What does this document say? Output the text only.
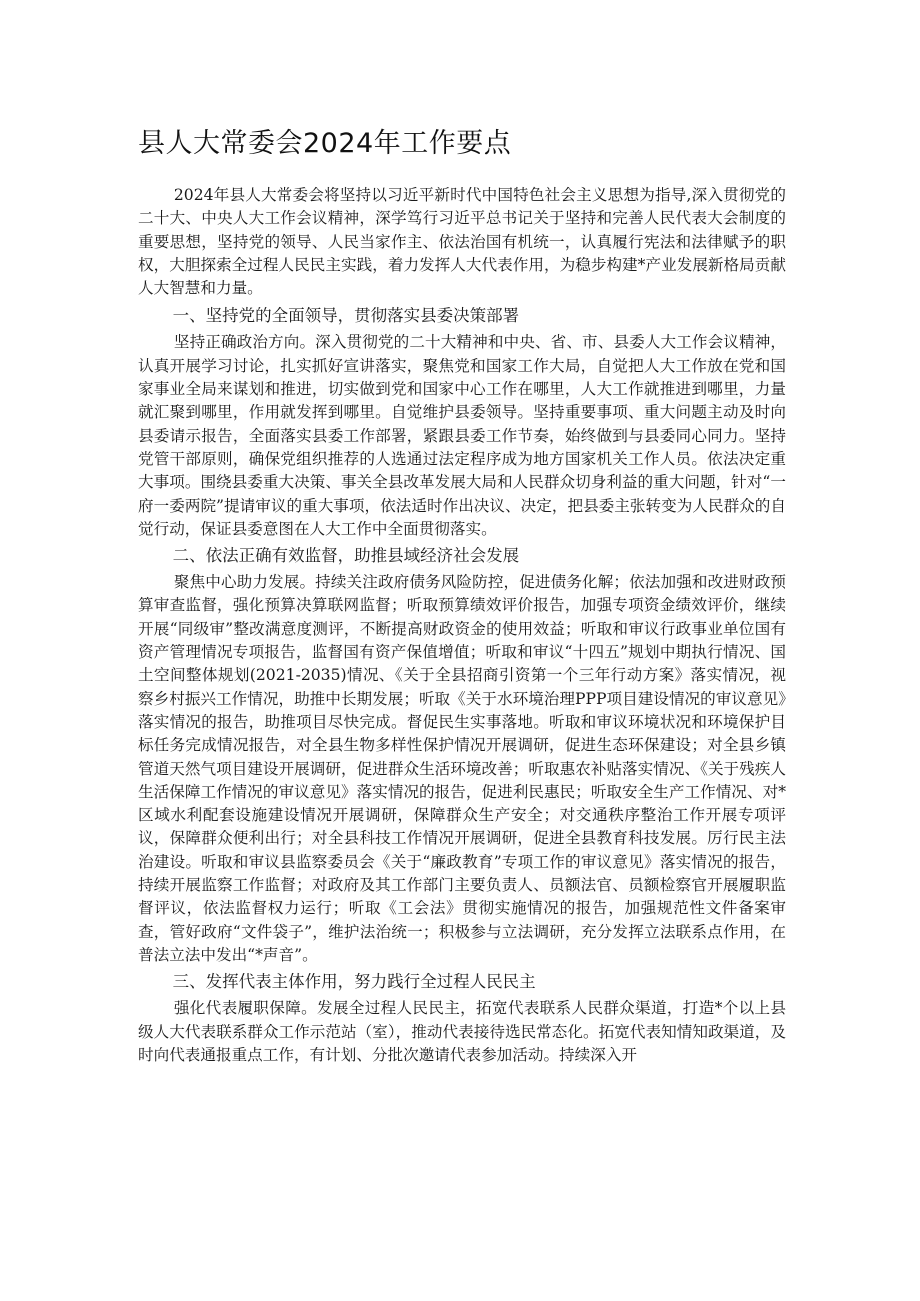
县人大常委会2024年工作要点

2024年县人大常委会将坚持以习近平新时代中国特色社会主义思想为指导,深入贯彻党的二十大、中央人大工作会议精神，深学笃行习近平总书记关于坚持和完善人民代表大会制度的重要思想，坚持党的领导、人民当家作主、依法治国有机统一，认真履行宪法和法律赋予的职权，大胆探索全过程人民民主实践，着力发挥人大代表作用，为稳步构建*产业发展新格局贡献人大智慧和力量。

一、坚持党的全面领导，贯彻落实县委决策部署

坚持正确政治方向。深入贯彻党的二十大精神和中央、省、市、县委人大工作会议精神，认真开展学习讨论，扎实抓好宣讲落实，聚焦党和国家工作大局，自觉把人大工作放在党和国家事业全局来谋划和推进，切实做到党和国家中心工作在哪里，人大工作就推进到哪里，力量就汇聚到哪里，作用就发挥到哪里。自觉维护县委领导。坚持重要事项、重大问题主动及时向县委请示报告，全面落实县委工作部署，紧跟县委工作节奏，始终做到与县委同心同力。坚持党管干部原则，确保党组织推荐的人选通过法定程序成为地方国家机关工作人员。依法决定重大事项。围绕县委重大决策、事关全县改革发展大局和人民群众切身利益的重大问题，针对“一府一委两院”提请审议的重大事项，依法适时作出决议、决定，把县委主张转变为人民群众的自觉行动，保证县委意图在人大工作中全面贯彻落实。

二、依法正确有效监督，助推县域经济社会发展

聚焦中心助力发展。持续关注政府债务风险防控，促进债务化解；依法加强和改进财政预算审查监督，强化预算决算联网监督；听取预算绩效评价报告，加强专项资金绩效评价，继续开展“同级审”整改满意度测评，不断提高财政资金的使用效益；听取和审议行政事业单位国有资产管理情况专项报告，监督国有资产保值增值；听取和审议“十四五”规划中期执行情况、国土空间整体规划(2021-2035)情况、《关于全县招商引资第一个三年行动方案》落实情况，视察乡村振兴工作情况，助推中长期发展；听取《关于水环境治理PPP项目建设情况的审议意见》落实情况的报告，助推项目尽快完成。督促民生实事落地。听取和审议环境状况和环境保护目标任务完成情况报告，对全县生物多样性保护情况开展调研，促进生态环保建设；对全县乡镇管道天然气项目建设开展调研，促进群众生活环境改善；听取惠农补贴落实情况、《关于残疾人生活保障工作情况的审议意见》落实情况的报告，促进利民惠民；听取安全生产工作情况、对*区域水利配套设施建设情况开展调研，保障群众生产安全；对交通秩序整治工作开展专项评议，保障群众便利出行；对全县科技工作情况开展调研，促进全县教育科技发展。厉行民主法治建设。听取和审议县监察委员会《关于“廉政教育”专项工作的审议意见》落实情况的报告，持续开展监察工作监督；对政府及其工作部门主要负责人、员额法官、员额检察官开展履职监督评议，依法监督权力运行；听取《工会法》贯彻实施情况的报告，加强规范性文件备案审查，管好政府“文件袋子”，维护法治统一；积极参与立法调研，充分发挥立法联系点作用，在普法立法中发出“*声音”。

三、发挥代表主体作用，努力践行全过程人民民主

强化代表履职保障。发展全过程人民民主，拓宽代表联系人民群众渠道，打造*个以上县级人大代表联系群众工作示范站（室），推动代表接待选民常态化。拓宽代表知情知政渠道，及时向代表通报重点工作，有计划、分批次邀请代表参加活动。持续深入开
